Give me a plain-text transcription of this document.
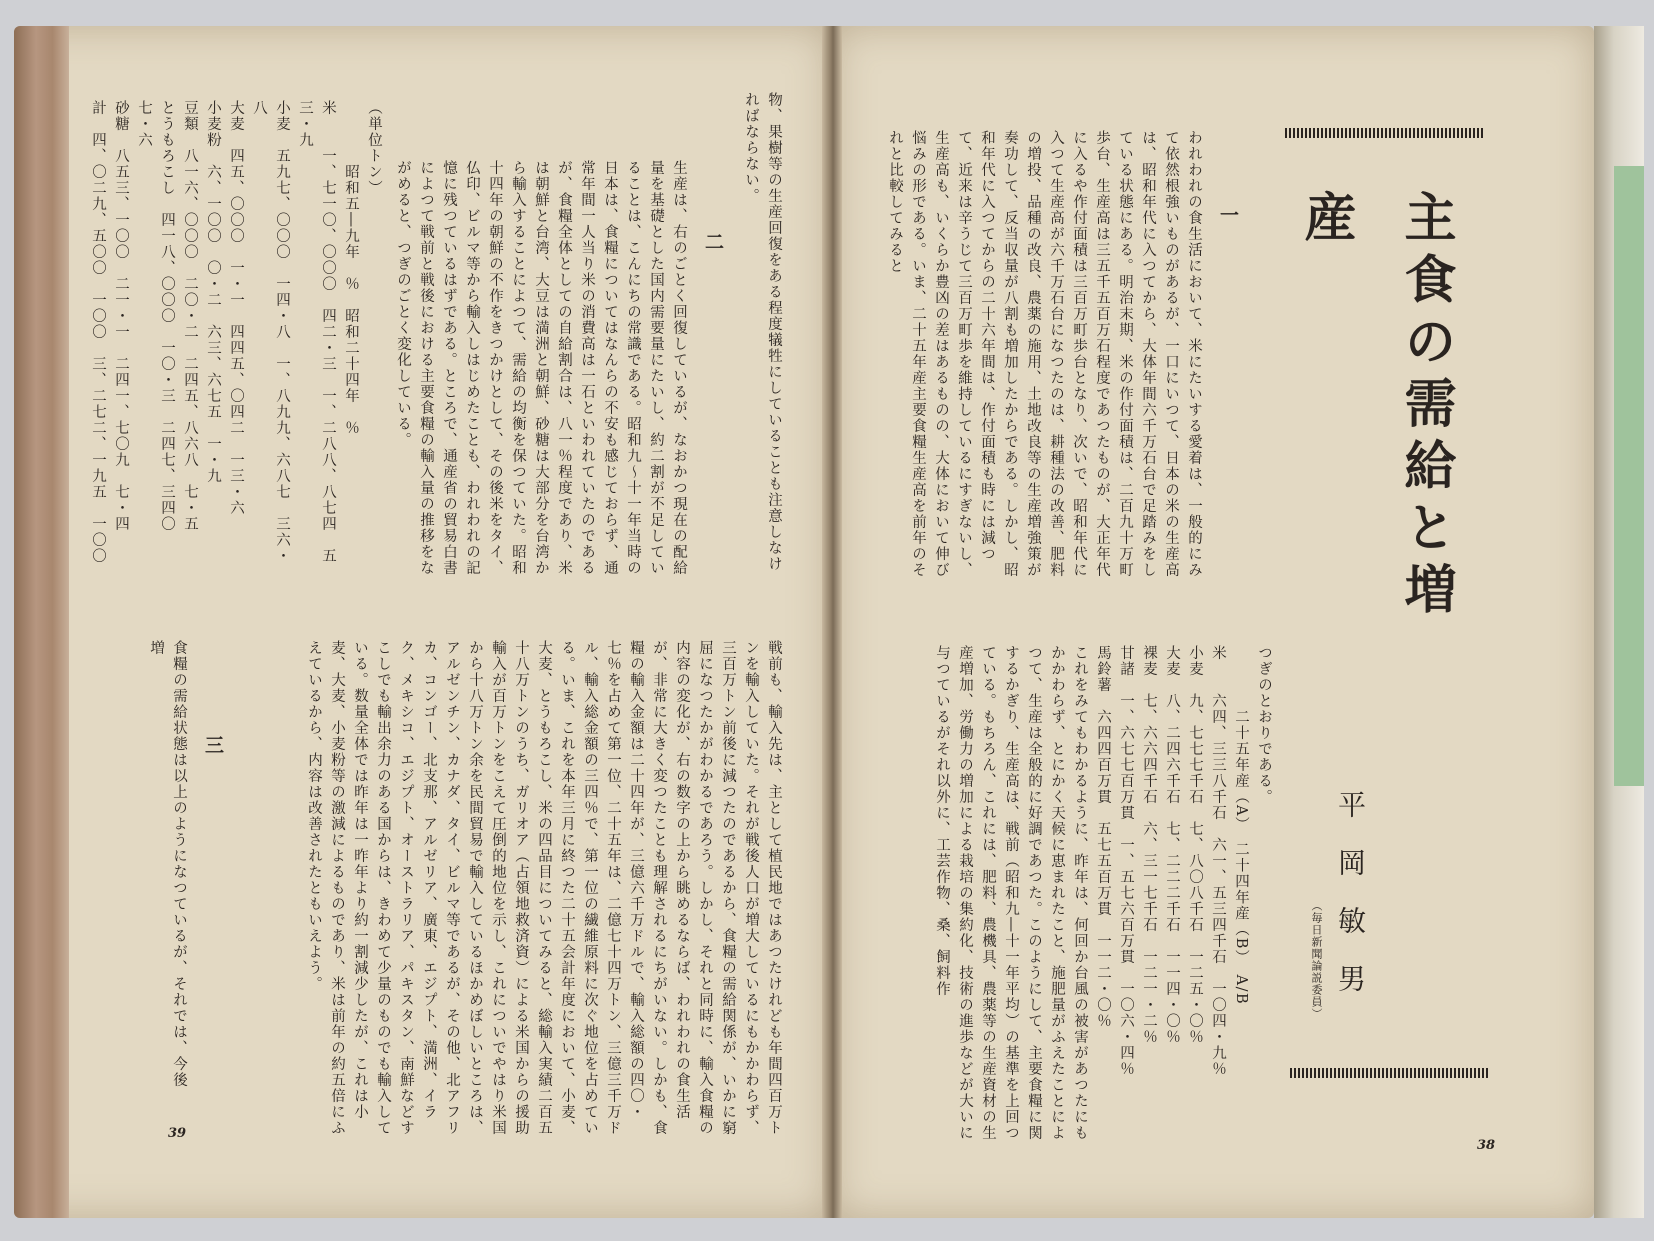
主食の需給と増産
平岡敏男
（毎日新聞論説委員）
一
われわれの食生活において、米にたいする愛着は、一般的にみて依然根強いものがあるが、一口にいつて、日本の米の生産高は、昭和年代に入つてから、大体年間六千万石台で足踏みをしている状態にある。明治末期、米の作付面積は、二百九十万町歩台、生産高は三五千五百万石程度であつたものが、大正年代に入るや作付面積は三百万町歩台となり、次いで、昭和年代に入つて生産高が六千万石台になつたのは、耕種法の改善、肥料の増投、品種の改良、農薬の施用、土地改良等の生産増強策が奏功して、反当収量が八割も増加したからである。しかし、昭和年代に入つてからの二十六年間は、作付面積も時には減つて、近来は辛うじて三百万町歩を維持しているにすぎないし、生産高も、いくらか豊凶の差はあるものの、大体において伸び悩みの形である。いま、二十五年産主要食糧生産高を前年のそれと比較してみると
つぎのとおりである。
　　　　二十五年産（A）　二十四年産（B）　A/B
米　　六四、三三八千石　六一、五三四千石　一〇四・九％
小麦　九、七七七千石　七、八〇八千石　一二五・〇％
大麦　八、二四六千石　七、二二二千石　一一四・〇％
裸麦　七、六六四千石　六、三一七千石　一二一・二％
甘諸　一、六七七百万貫　一、五七六百万貫　一〇六・四％
馬鈴薯　六四四百万貫　五七五百万貫　一一二・〇％
これをみてもわかるように、昨年は、何回か台風の被害があつたにもかかわらず、とにかく天候に恵まれたこと、施肥量がふえたことによつて、生産は全般的に好調であつた。このようにして、主要食糧に関するかぎり、生産高は、戦前（昭和九―十一年平均）の基準を上回つている。もちろん、これには、肥料、農機具、農薬等の生産資材の生産増加、労働力の増加による栽培の集約化、技術の進歩などが大いに与つているがそれ以外に、工芸作物、桑、飼料作
38
物、果樹等の生産回復をある程度犠牲にしていることも注意しなければならない。
二
生産は、右のごとく回復しているが、なおかつ現在の配給量を基礎とした国内需要量にたいし、約二割が不足していることは、こんにちの常識である。昭和九〜十一年当時の日本は、食糧についてはなんらの不安も感じておらず、通常年間一人当り米の消費高は一石といわれていたのであるが、食糧全体としての自給割合は、八一％程度であり、米は朝鮮と台湾、大豆は満洲と朝鮮、砂糖は大部分を台湾から輸入することによつて、需給の均衡を保つていた。昭和十四年の朝鮮の不作をきつかけとして、その後米をタイ、仏印、ビルマ等から輸入しはじめたことも、われわれの記憶に残つているはずである。ところで、通産省の貿易白書によつて戦前と戦後における主要食糧の輸入量の推移をながめると、つぎのごとく変化している。
（単位トン）
　　　　昭和五―九年　％　昭和二十四年　％
米　　一、七一〇、〇〇〇　四二・三　一、二八八、八七四　五三・九
小麦　五九七、〇〇〇　一四・八　一、八九九、六八七　三六・八
大麦　四五、〇〇〇　一・一　四四五、〇四二　一三・六
小麦粉　六、一〇〇　〇・二　六三、六七五　一・九
豆類　八一六、〇〇〇　二〇・二　二四五、八六八　七・五
とうもろこし　四一八、〇〇〇　一〇・三　二四七、三四〇　七・六
砂糖　八五三、一〇〇　二一・一　二四一、七〇九　七・四
計　四、〇二九、五〇〇　一〇〇　三、二七二、一九五　一〇〇
戦前も、輸入先は、主として植民地ではあつたけれども年間四百万トンを輸入していた。それが戦後人口が増大しているにもかかわらず、三百万トン前後に減つたのであるから、食糧の需給関係が、いかに窮屈になつたかがわかるであろう。しかし、それと同時に、輸入食糧の内容の変化が、右の数字の上から眺めるならば、われわれの食生活が、非常に大きく変つたことも理解されるにちがいない。しかも、食糧の輸入金額は二十四年が、三億六千万ドルで、輸入総額の四〇・七％を占めて第一位、二十五年は、二億七十四万トン、三億三千万ドル、輸入総金額の三四％で、第一位の繊維原料に次ぐ地位を占めている。いま、これを本年三月に終つた二十五会計年度において、小麦、大麦、とうもろこし、米の四品目についてみると、総輸入実績二百五十八万トンのうち、ガリオア（占領地救済資）による米国からの援助輸入が百万トンをこえて圧倒的地位を示し、これについでやはり米国から十八万トン余を民間貿易で輸入しているほかめぼしいところは、アルゼンチン、カナダ、タイ、ビルマ等であるが、その他、北アフリカ、コンゴー、北支那、アルゼリア、廣東、エジプト、満洲、イラク、メキシコ、エジプト、オーストラリア、パキスタン、南鮮などすこしでも輸出余力のある国からは、きわめて少量のものでも輸入している。数量全体では昨年は一昨年より約一割減少したが、これは小麦、大麦、小麦粉等の激減によるものであり、米は前年の約五倍にふえているから、内容は改善されたともいえよう。
三
食糧の需給状態は以上のようになつているが、それでは、今後増
39
